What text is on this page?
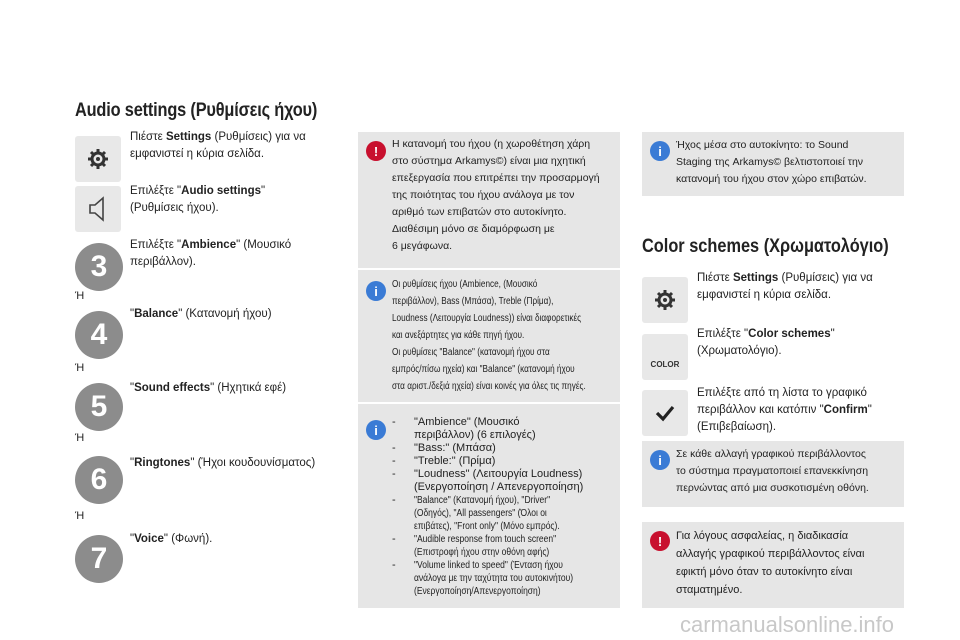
Audio settings (Ρυθμίσεις ήχου)
Πιέστε Settings (Ρυθμίσεις) για να
εμφανιστεί η κύρια σελίδα.
Επιλέξτε "Audio settings"
(Ρυθμίσεις ήχου).
3
Επιλέξτε "Ambience" (Μουσικό
περιβάλλον).
Ή
4
"Balance" (Κατανομή ήχου)
Ή
5
"Sound effects" (Ηχητικά εφέ)
Ή
6	"Ringtones" (Ήχοι κουδουνίσματος)
Ή
7
"Voice" (Φωνή).
!	Η κατανομή του ήχου (η χωροθέτηση χάρη
στο σύστημα Arkamys©) είναι μια ηχητική
επεξεργασία που επιτρέπει την προσαρμογή
της ποιότητας του ήχου ανάλογα με τον
αριθμό των επιβατών στο αυτοκίνητο.
Διαθέσιμη μόνο σε διαμόρφωση με
6 μεγάφωνα.
i	Οι ρυθμίσεις ήχου (Ambience, (Μουσικό
περιβάλλον), Bass (Μπάσα), Treble (Πρίμα),
Loudness (Λειτουργία Loudness)) είναι διαφορετικές
και ανεξάρτητες για κάθε πηγή ήχου.
Οι ρυθμίσεις "Balance" (κατανομή ήχου στα
εμπρός/πίσω ηχεία) και "Balance" (κατανομή ήχου
στα αριστ./δεξιά ηχεία) είναι κοινές για όλες τις πηγές.
i
-	"Ambience" (Μουσικό
περιβάλλον) (6 επιλογές)
-	"Bass:" (Μπάσα)
-	"Treble:" (Πρίμα)
-	"Loudness" (Λειτουργία Loudness)
(Ενεργοποίηση / Απενεργοποίηση)
-	"Balance" (Κατανομή ήχου), "Driver"
(Οδηγός), "All passengers" (Όλοι οι
επιβάτες), "Front only" (Μόνο εμπρός).
-	"Audible response from touch screen"
(Επιστροφή ήχου στην οθόνη αφής)
-	"Volume linked to speed" (Ένταση ήχου
ανάλογα με την ταχύτητα του αυτοκινήτου)
(Ενεργοποίηση/Απενεργοποίηση)
i	Ήχος μέσα στο αυτοκίνητο: το Sound
Staging της Arkamys© βελτιστοποιεί την
κατανομή του ήχου στον χώρο επιβατών.
Color schemes (Χρωματολόγιο)
Πιέστε Settings (Ρυθμίσεις) για να
εμφανιστεί η κύρια σελίδα.
COLOR
Επιλέξτε "Color schemes"
(Χρωματολόγιο).
Επιλέξτε από τη λίστα το γραφικό
περιβάλλον και κατόπιν "Confirm"
(Επιβεβαίωση).
i	Σε κάθε αλλαγή γραφικού περιβάλλοντος
το σύστημα πραγματοποιεί επανεκκίνηση
περνώντας από μια συσκοτισμένη οθόνη.
!	Για λόγους ασφαλείας, η διαδικασία
αλλαγής γραφικού περιβάλλοντος είναι
εφικτή μόνο όταν το αυτοκίνητο είναι
σταματημένο.
carmanualsonline.info
